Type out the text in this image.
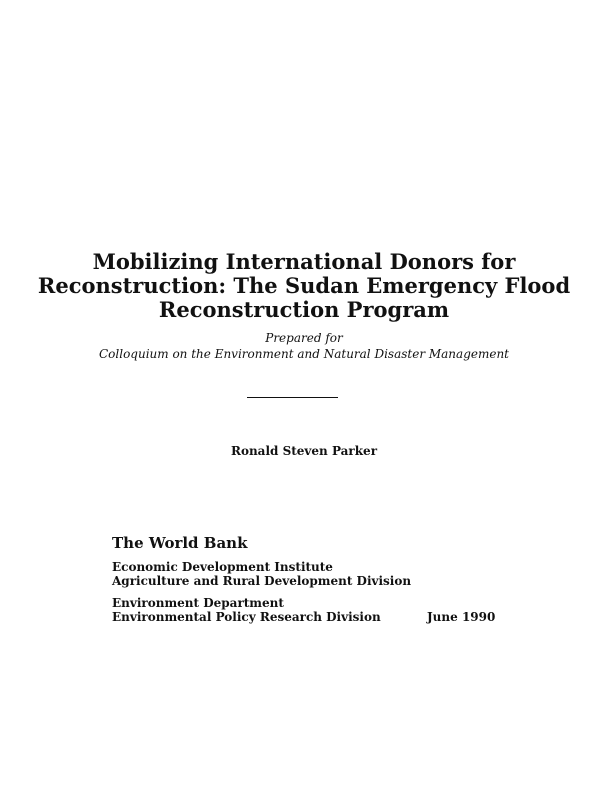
Mobilizing International Donors for
Reconstruction: The Sudan Emergency Flood
Reconstruction Program
Prepared for
Colloquium on the Environment and Natural Disaster Management
Ronald Steven Parker
The World Bank
Economic Development Institute
Agriculture and Rural Development Division
Environment Department
Environmental Policy Research Division	June 1990
